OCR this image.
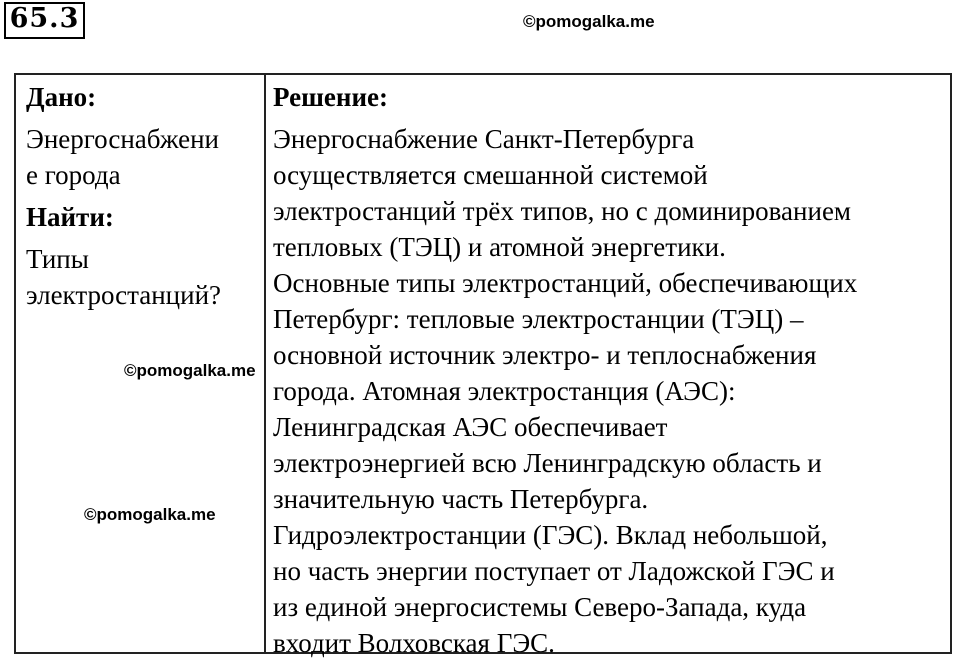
65.3
Дано:
Энергоснабжени
е города
Найти:
Типы
электростанций?
Решение:
Энергоснабжение Санкт-Петербурга
осуществляется смешанной системой
электростанций трёх типов, но с доминированием
тепловых (ТЭЦ) и атомной энергетики.
Основные типы электростанций, обеспечивающих
Петербург: тепловые электростанции (ТЭЦ) –
основной источник электро- и теплоснабжения
города. Атомная электростанция (АЭС):
Ленинградская АЭС обеспечивает
электроэнергией всю Ленинградскую область и
значительную часть Петербурга.
Гидроэлектростанции (ГЭС). Вклад небольшой,
но часть энергии поступает от Ладожской ГЭС и
из единой энергосистемы Северо-Запада, куда
входит Волховская ГЭС.
©pomogalka.me
©pomogalka.me
©pomogalka.me
